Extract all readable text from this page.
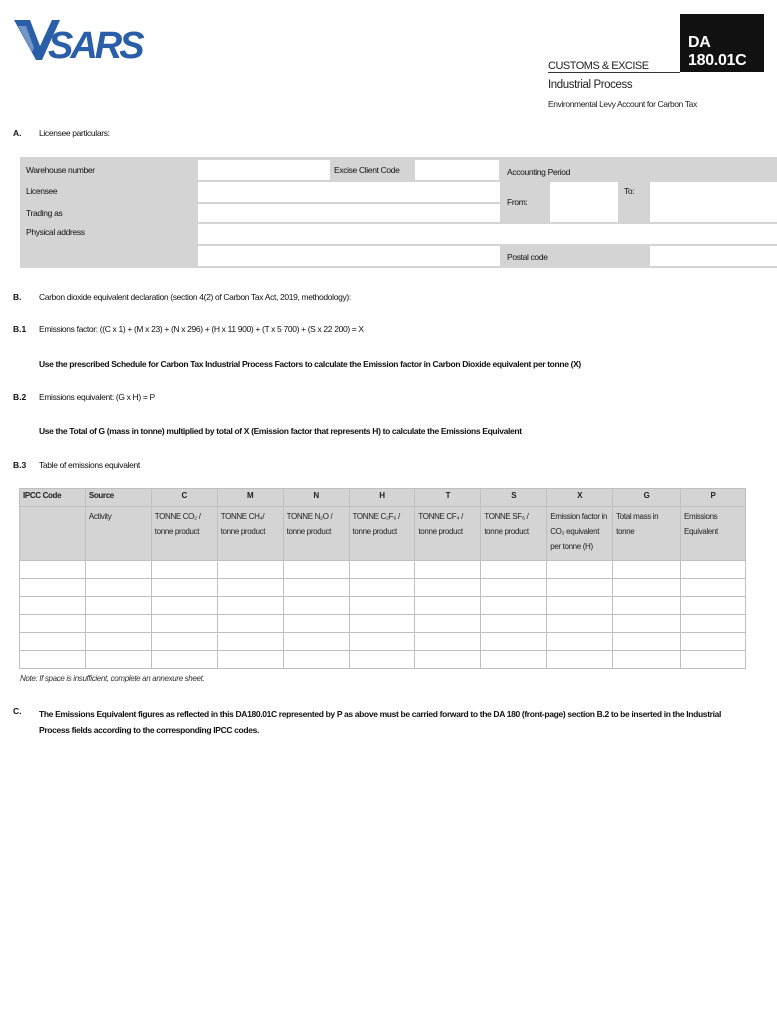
SARS	DA 180.01C
CUSTOMS & EXCISE
Industrial Process
Environmental Levy Account for Carbon Tax
A. Licensee particulars:
Warehouse number	Excise Client Code	Accounting Period
Licensee
From:
To:
Trading as
Physical address
Postal code
B. Carbon dioxide equivalent declaration (section 4(2) of Carbon Tax Act, 2019, methodology):
B.1 Emissions factor: ((C x 1) + (M x 23) + (N x 296) + (H x 11 900) + (T x 5 700) + (S x 22 200) = X
Use the prescribed Schedule for Carbon Tax Industrial Process Factors to calculate the Emission factor in Carbon Dioxide equivalent per tonne (X)
B.2 Emissions equivalent: (G x H) = P
Use the Total of G (mass in tonne) multiplied by total of X (Emission factor that represents H) to calculate the Emissions Equivalent
B.3 Table of emissions equivalent
IPCC Code	Source	C	M	N	H	T	S	X	G	P
	Activity	TONNE CO₂ / tonne product	TONNE CH₄/ tonne product	TONNE N₂O / tonne product	TONNE C₂F₆ / tonne product	TONNE CF₄ / tonne product	TONNE SF₆ / tonne product	Emission factor in CO₂ equivalent per tonne (H)	Total mass in tonne	Emissions Equivalent

Note: If space is insufficient, complete an annexure sheet.
C. The Emissions Equivalent figures as reflected in this DA180.01C represented by P as above must be carried forward to the DA 180 (front-page) section B.2 to be inserted in the Industrial Process fields according to the corresponding IPCC codes.
